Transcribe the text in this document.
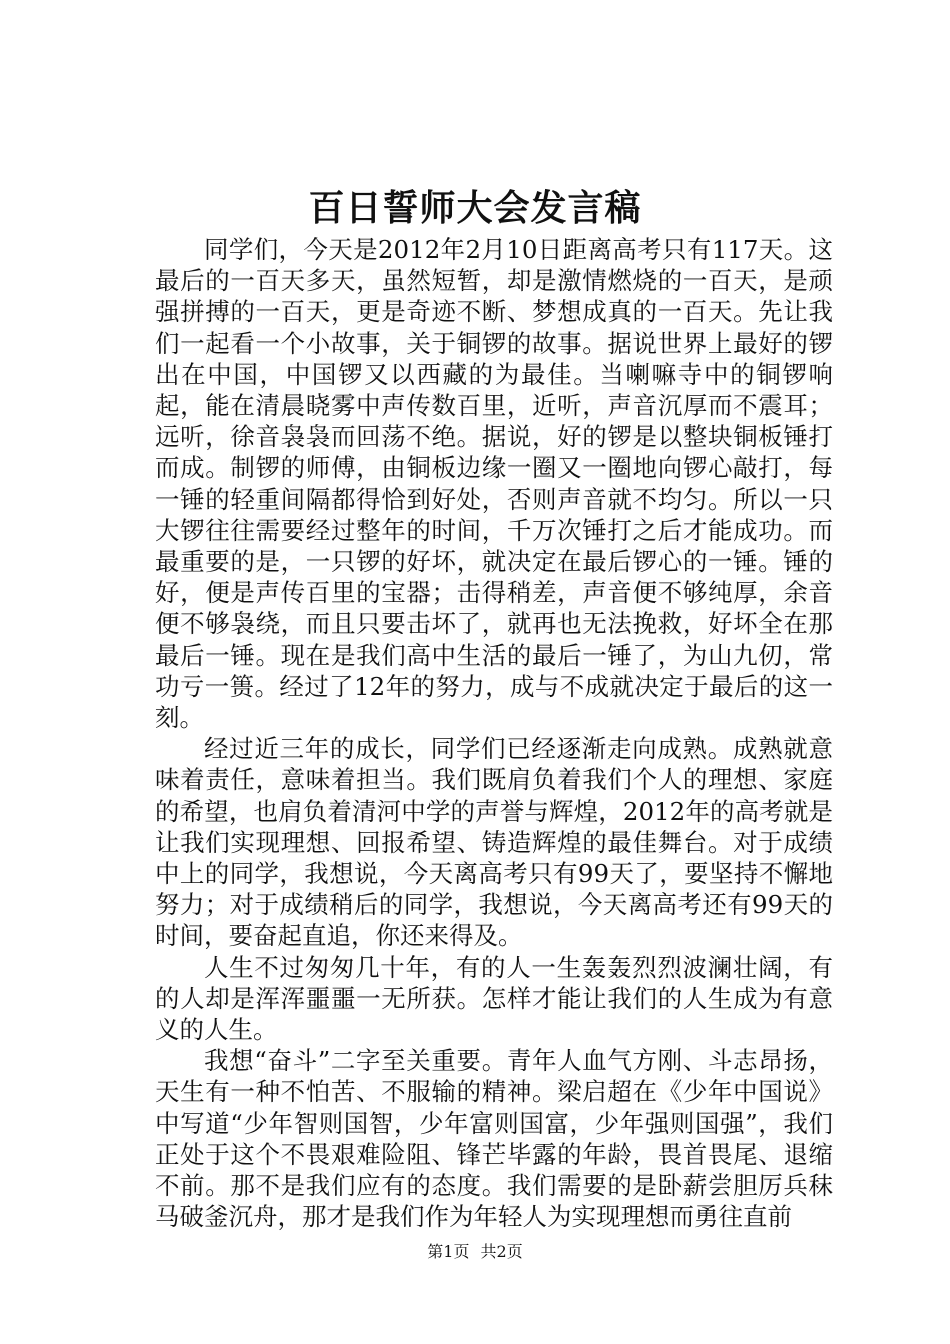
百日誓师大会发言稿

同学们，今天是2012年2月10日距离高考只有117天。这最后的一百天多天，虽然短暂，却是激情燃烧的一百天，是顽强拼搏的一百天，更是奇迹不断、梦想成真的一百天。先让我们一起看一个小故事，关于铜锣的故事。据说世界上最好的锣出在中国，中国锣又以西藏的为最佳。当喇嘛寺中的铜锣响起，能在清晨晓雾中声传数百里，近听，声音沉厚而不震耳；远听，徐音袅袅而回荡不绝。据说，好的锣是以整块铜板锤打而成。制锣的师傅，由铜板边缘一圈又一圈地向锣心敲打，每一锤的轻重间隔都得恰到好处，否则声音就不均匀。所以一只大锣往往需要经过整年的时间，千万次锤打之后才能成功。而最重要的是，一只锣的好坏，就决定在最后锣心的一锤。锤的好，便是声传百里的宝器；击得稍差，声音便不够纯厚，余音便不够袅绕，而且只要击坏了，就再也无法挽救，好坏全在那最后一锤。现在是我们高中生活的最后一锤了，为山九仞，常功亏一篑。经过了12年的努力，成与不成就决定于最后的这一刻。

经过近三年的成长，同学们已经逐渐走向成熟。成熟就意味着责任，意味着担当。我们既肩负着我们个人的理想、家庭的希望，也肩负着清河中学的声誉与辉煌，2012年的高考就是让我们实现理想、回报希望、铸造辉煌的最佳舞台。对于成绩中上的同学，我想说，今天离高考只有99天了，要坚持不懈地努力；对于成绩稍后的同学，我想说，今天离高考还有99天的时间，要奋起直追，你还来得及。

人生不过匆匆几十年，有的人一生轰轰烈烈波澜壮阔，有的人却是浑浑噩噩一无所获。怎样才能让我们的人生成为有意义的人生。

我想“奋斗”二字至关重要。青年人血气方刚、斗志昂扬，天生有一种不怕苦、不服输的精神。梁启超在《少年中国说》中写道“少年智则国智，少年富则国富，少年强则国强”，我们正处于这个不畏艰难险阻、锋芒毕露的年龄，畏首畏尾、退缩不前。那不是我们应有的态度。我们需要的是卧薪尝胆厉兵秣马破釜沉舟，那才是我们作为年轻人为实现理想而勇往直前

第1页 共2页
